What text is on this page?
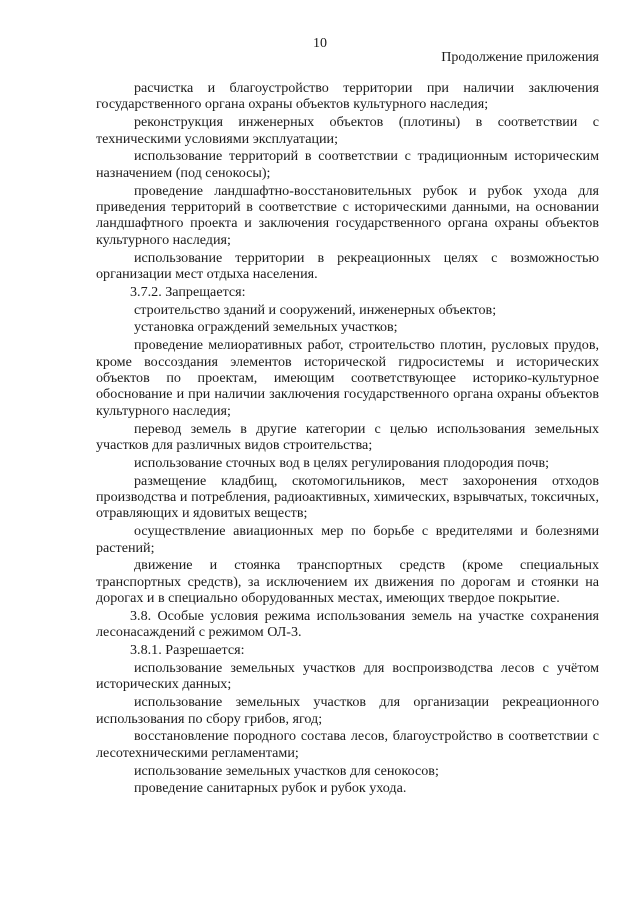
10
Продолжение приложения

расчистка и благоустройство территории при наличии заключения государственного органа охраны объектов культурного наследия;

реконструкция инженерных объектов (плотины) в соответствии с техническими условиями эксплуатации;

использование территорий в соответствии с традиционным историческим назначением (под сенокосы);

проведение ландшафтно-восстановительных рубок и рубок ухода для приведения территорий в соответствие с историческими данными, на основании ландшафтного проекта и заключения государственного органа охраны объектов культурного наследия;

использование территории в рекреационных целях с возможностью организации мест отдыха населения.

3.7.2. Запрещается:

строительство зданий и сооружений, инженерных объектов;

установка ограждений земельных участков;

проведение мелиоративных работ, строительство плотин, русловых прудов, кроме воссоздания элементов исторической гидросистемы и исторических объектов по проектам, имеющим соответствующее историко-культурное обоснование и при наличии заключения государственного органа охраны объектов культурного наследия;

перевод земель в другие категории с целью использования земельных участков для различных видов строительства;

использование сточных вод в целях регулирования плодородия почв;

размещение кладбищ, скотомогильников, мест захоронения отходов производства и потребления, радиоактивных, химических, взрывчатых, токсичных, отравляющих и ядовитых веществ;

осуществление авиационных мер по борьбе с вредителями и болезнями растений;

движение и стоянка транспортных средств (кроме специальных транспортных средств), за исключением их движения по дорогам и стоянки на дорогах и в специально оборудованных местах, имеющих твердое покрытие.

3.8. Особые условия режима использования земель на участке сохранения лесонасаждений с режимом ОЛ-3.

3.8.1. Разрешается:

использование земельных участков для воспроизводства лесов с учётом исторических данных;

использование земельных участков для организации рекреационного использования по сбору грибов, ягод;

восстановление породного состава лесов, благоустройство в соответствии с лесотехническими регламентами;

использование земельных участков для сенокосов;

проведение санитарных рубок и рубок ухода.
